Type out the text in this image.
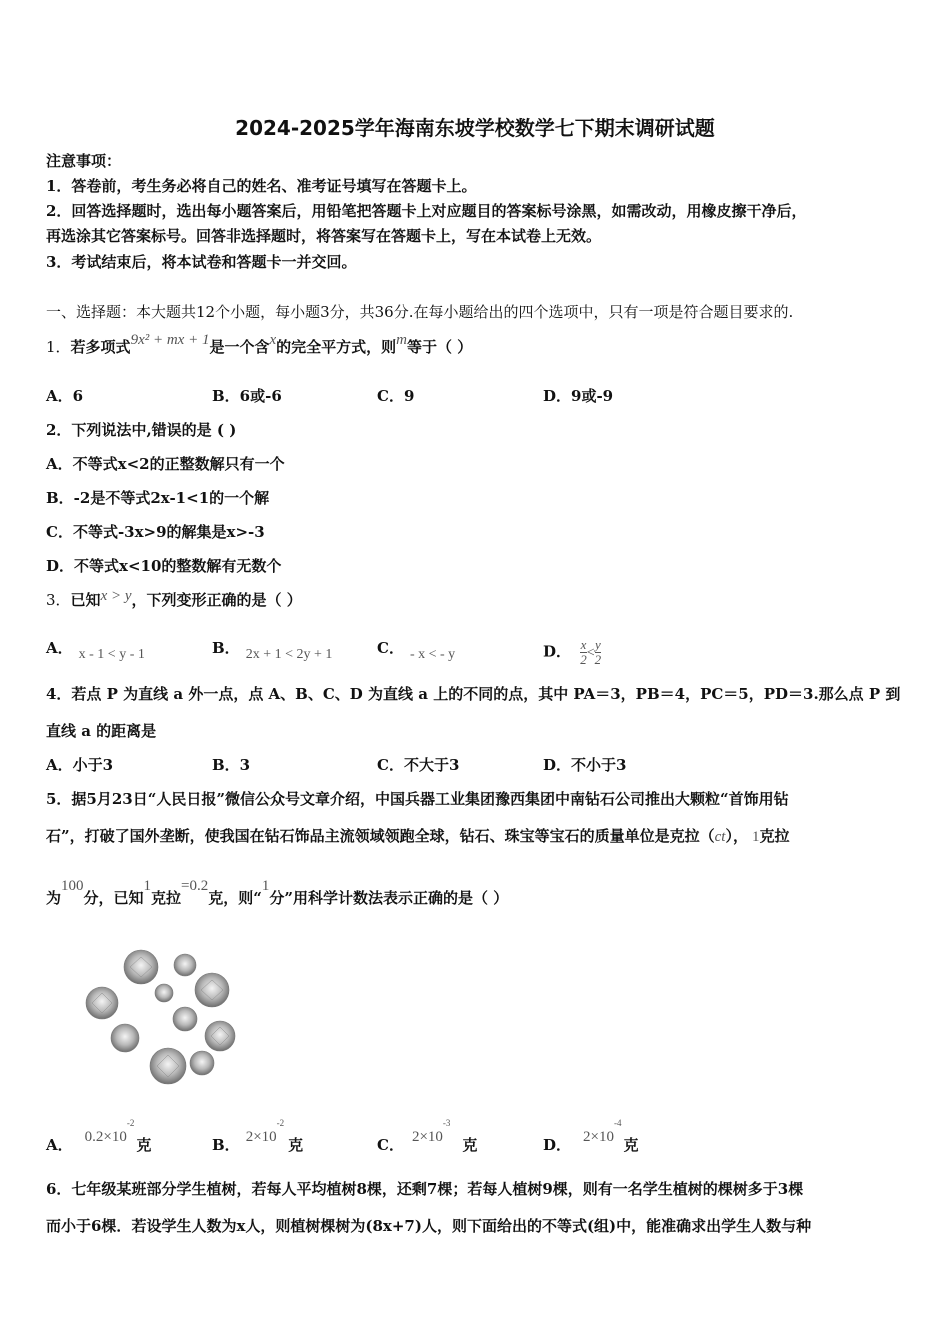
2024-2025学年海南东坡学校数学七下期末调研试题
注意事项：
1．答卷前，考生务必将自己的姓名、准考证号填写在答题卡上。
2．回答选择题时，选出每小题答案后，用铅笔把答题卡上对应题目的答案标号涂黑，如需改动，用橡皮擦干净后，
再选涂其它答案标号。回答非选择题时，将答案写在答题卡上，写在本试卷上无效。
3．考试结束后，将本试卷和答题卡一并交回。
一、选择题：本大题共12个小题，每小题3分，共36分.在每小题给出的四个选项中，只有一项是符合题目要求的.
1．若多项式9x² + mx + 1是一个含x的完全平方式，则m等于（ ）
A．6	B．6或-6	C．9	D．9或-9
2．下列说法中,错误的是 ( )
A．不等式x<2的正整数解只有一个
B．-2是不等式2x-1<1的一个解
C．不等式-3x>9的解集是x>-3
D．不等式x<10的整数解有无数个
3．已知x > y，下列变形正确的是（ ）
A． x - 1 < y - 1	B． 2x + 1 < 2y + 1	C． - x < - y	D． $\frac{x}{2} < \frac{y}{2}$
4．若点 P 为直线 a 外一点，点 A、B、C、D 为直线 a 上的不同的点，其中 PA＝3，PB＝4，PC＝5，PD＝3.那么点 P 到
直线 a 的距离是
A．小于3	B．3	C．不大于3	D．不小于3
5．据5月23日“人民日报”微信公众号文章介绍，中国兵器工业集团豫西集团中南钻石公司推出大颗粒“首饰用钻
石”，打破了国外垄断，使我国在钻石饰品主流领域领跑全球，钻石、珠宝等宝石的质量单位是克拉（ct）， 1克拉
为100分，已知1克拉=0.2克，则“1分”用科学计数法表示正确的是（ ）
A． $0.2\times 10^{-2}$克	B． $2\times 10^{-2}$克	C． $2\times 10^{-3}$克	D． $2\times 10^{-4}$克
6．七年级某班部分学生植树，若每人平均植树8棵，还剩7棵；若每人植树9棵，则有一名学生植树的棵树多于3棵
而小于6棵．若设学生人数为x人，则植树棵树为(8x+7)人，则下面给出的不等式(组)中，能准确求出学生人数与种
